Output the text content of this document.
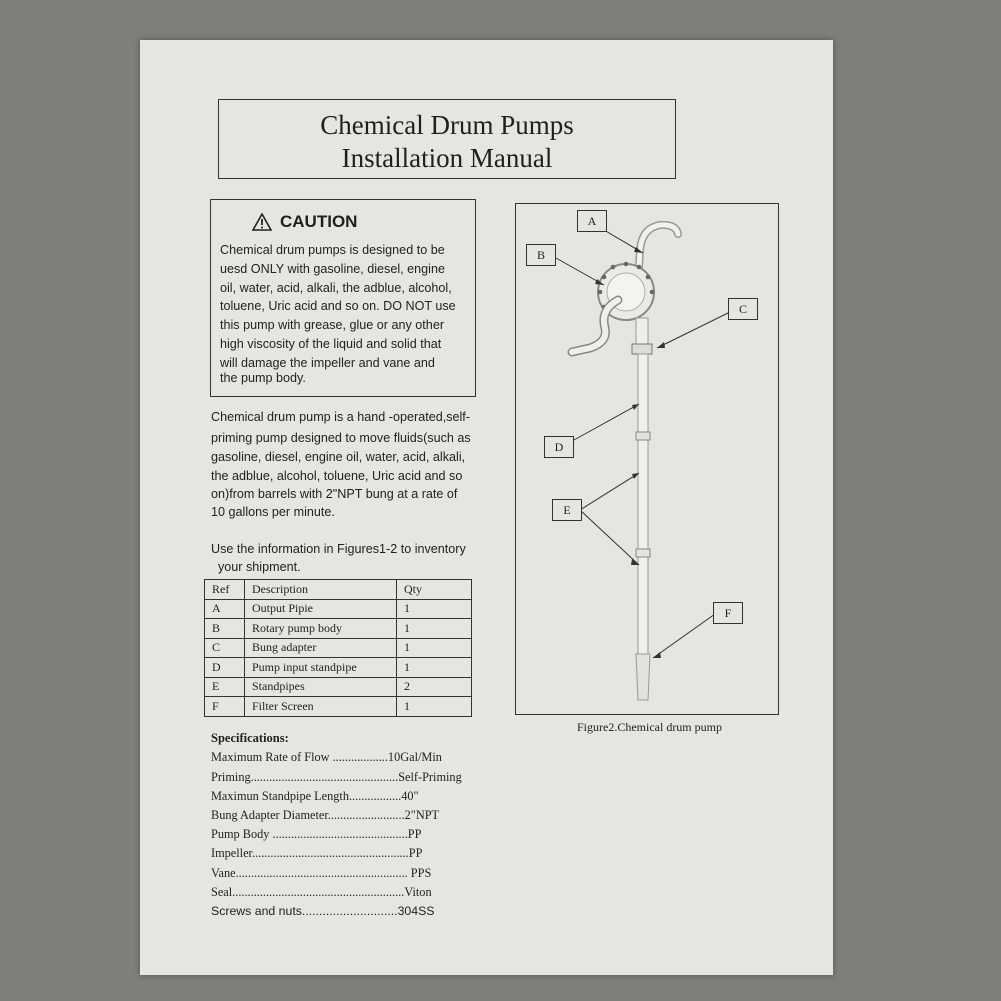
Chemical Drum Pumps
Installation Manual
CAUTION
Chemical drum pumps is designed to be
uesd ONLY with gasoline, diesel, engine
oil, water, acid, alkali, the adblue, alcohol,
toluene, Uric acid and so on. DO NOT use
this pump with grease, glue or any other
high viscosity of the liquid and solid that
will damage the impeller and vane and
the pump body.
Chemical drum pump is a hand -operated,self-
priming pump designed to move fluids(such as
gasoline, diesel, engine oil, water, acid, alkali,
the adblue, alcohol, toluene, Uric acid and so
on)from barrels with 2"NPT bung at a rate of
10 gallons per minute.
Use the information in Figures1-2 to inventory
your shipment.
Ref	Description	Qty
A	Output Pipie	1
B	Rotary pump body	1
C	Bung adapter	1
D	Pump input standpipe	1
E	Standpipes	2
F	Filter Screen	1
Specifications:
Maximum Rate of Flow ..................10Gal/Min
Priming................................................Self-Priming
Maximun Standpipe Length.................40"
Bung Adapter Diameter.........................2"NPT
Pump Body ............................................PP
Impeller...................................................PP
Vane........................................................ PPS
Seal........................................................Viton
Screws and nuts............................304SS
A
B
C
D
E
F
Figure2.Chemical drum pump
